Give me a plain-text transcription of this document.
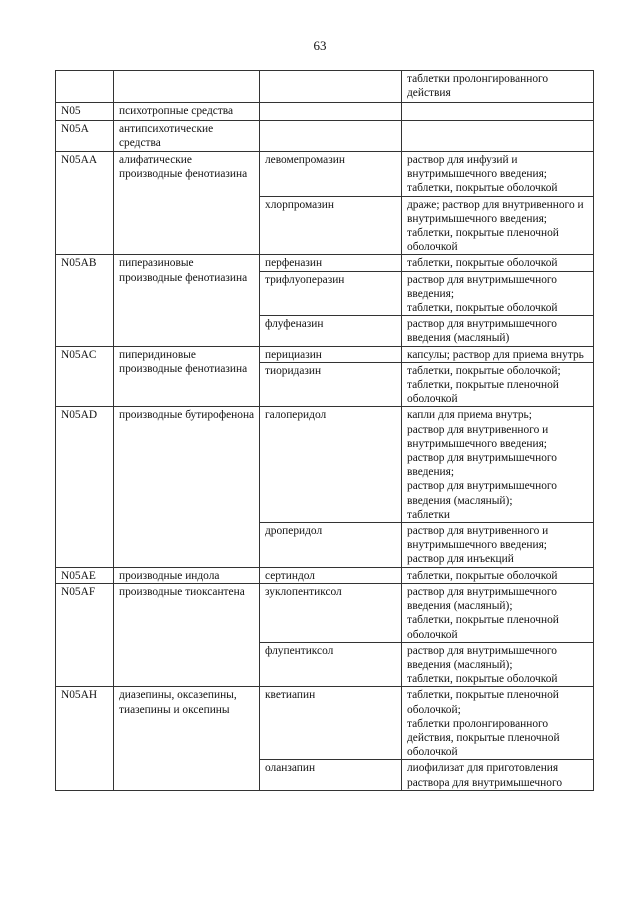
63
			таблетки пролонгированного действия
N05	психотропные средства		
N05A	антипсихотические средства		
N05AA	алифатические производные фенотиазина	левомепромазин	раствор для инфузий и внутримышечного введения;
таблетки, покрытые оболочкой
		хлорпромазин	драже; раствор для внутривенного и внутримышечного введения;
таблетки, покрытые пленочной оболочкой
N05AB	пиперазиновые производные фенотиазина	перфеназин	таблетки, покрытые оболочкой
		трифлуоперазин	раствор для внутримышечного введения;
таблетки, покрытые оболочкой
		флуфеназин	раствор для внутримышечного введения (масляный)
N05AC	пиперидиновые производные фенотиазина	перициазин	капсулы; раствор для приема внутрь
		тиоридазин	таблетки, покрытые оболочкой;
таблетки, покрытые пленочной оболочкой
N05AD	производные бутирофенона	галоперидол	капли для приема внутрь;
раствор для внутривенного и внутримышечного введения;
раствор для внутримышечного введения;
раствор для внутримышечного введения (масляный);
таблетки
		дроперидол	раствор для внутривенного и внутримышечного введения;
раствор для инъекций
N05AE	производные индола	сертиндол	таблетки, покрытые оболочкой
N05AF	производные тиоксантена	зуклопентиксол	раствор для внутримышечного введения (масляный);
таблетки, покрытые пленочной оболочкой
		флупентиксол	раствор для внутримышечного введения (масляный);
таблетки, покрытые оболочкой
N05AH	диазепины, оксазепины, тиазепины и оксепины	кветиапин	таблетки, покрытые пленочной оболочкой;
таблетки пролонгированного действия, покрытые пленочной оболочкой
		оланзапин	лиофилизат для приготовления раствора для внутримышечного
